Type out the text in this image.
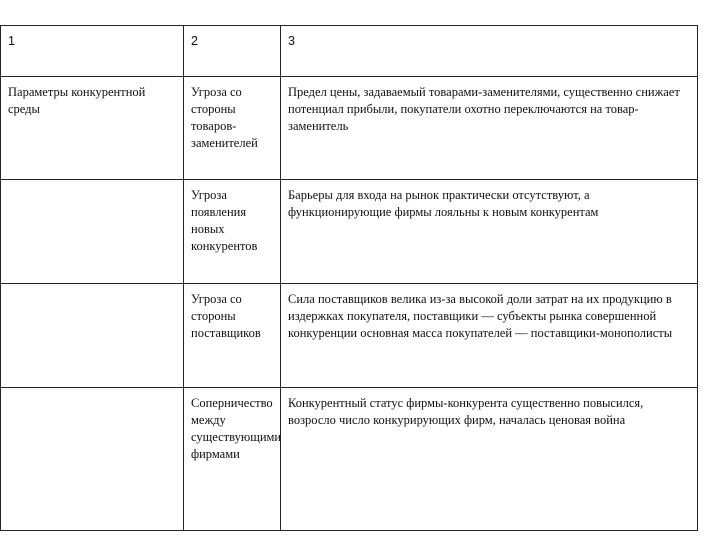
1	2	3
Параметры конкурентной среды	Угроза со стороны товаров-заменителей	Предел цены, задаваемый товарами-заменителями, существенно снижает потенциал прибыли, покупатели охотно переключаются на товар-заменитель
	Угроза появления новых конкурентов	Барьеры для входа на рынок практически отсутствуют, а функционирующие фирмы лояльны к новым конкурентам
	Угроза со стороны поставщиков	Сила поставщиков велика из-за высокой доли затрат на их продукцию в издержках покупателя, поставщики — субъекты рынка совершенной конкуренции основная масса покупателей — поставщики-монополисты
	Соперничество между существующими фирмами	Конкурентный статус фирмы-конкурента существенно повысился, возросло число конкурирующих фирм, началась ценовая война
